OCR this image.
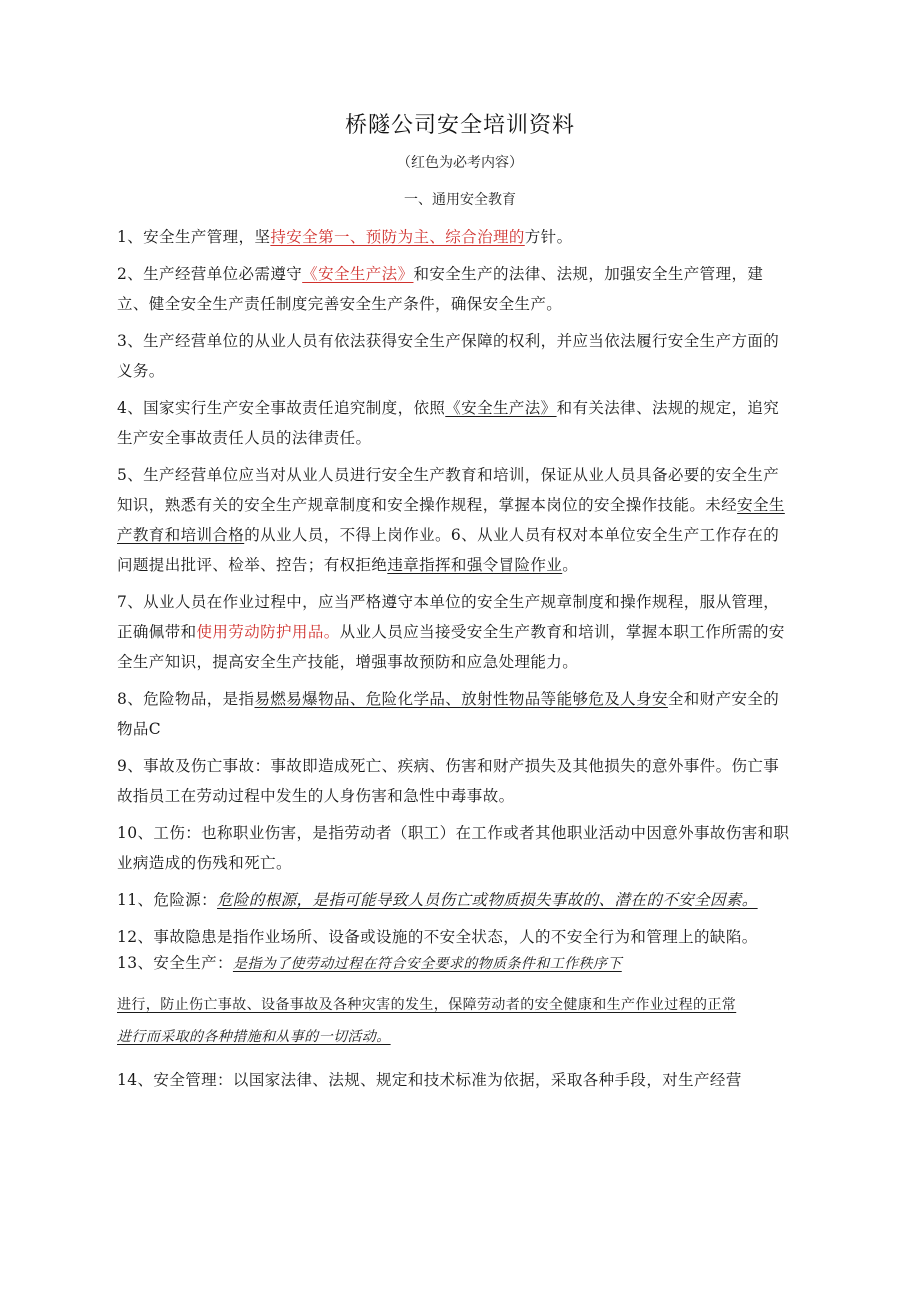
桥隧公司安全培训资料
（红色为必考内容）
一、通用安全教育

1、安全生产管理，坚持安全第一、预防为主、综合治理的方针。

2、生产经营单位必需遵守《安全生产法》和安全生产的法律、法规，加强安全生产管理，建立、健全安全生产责任制度完善安全生产条件，确保安全生产。

3、生产经营单位的从业人员有依法获得安全生产保障的权利，并应当依法履行安全生产方面的义务。

4、国家实行生产安全事故责任追究制度，依照《安全生产法》和有关法律、法规的规定，追究生产安全事故责任人员的法律责任。

5、生产经营单位应当对从业人员进行安全生产教育和培训，保证从业人员具备必要的安全生产知识，熟悉有关的安全生产规章制度和安全操作规程，掌握本岗位的安全操作技能。未经安全生产教育和培训合格的从业人员，不得上岗作业。6、从业人员有权对本单位安全生产工作存在的问题提出批评、检举、控告；有权拒绝违章指挥和强令冒险作业。

7、从业人员在作业过程中，应当严格遵守本单位的安全生产规章制度和操作规程，服从管理，正确佩带和使用劳动防护用品。从业人员应当接受安全生产教育和培训，掌握本职工作所需的安全生产知识，提高安全生产技能，增强事故预防和应急处理能力。

8、危险物品，是指易燃易爆物品、危险化学品、放射性物品等能够危及人身安全和财产安全的物品C

9、事故及伤亡事故：事故即造成死亡、疾病、伤害和财产损失及其他损失的意外事件。伤亡事故指员工在劳动过程中发生的人身伤害和急性中毒事故。

10、工伤：也称职业伤害，是指劳动者（职工）在工作或者其他职业活动中因意外事故伤害和职业病造成的伤残和死亡。

11、危险源：危险的根源，是指可能导致人员伤亡或物质损失事故的、潜在的不安全因素。

12、事故隐患是指作业场所、设备或设施的不安全状态，人的不安全行为和管理上的缺陷。

13、安全生产：是指为了使劳动过程在符合安全要求的物质条件和工作秩序下
进行，防止伤亡事故、设备事故及各种灾害的发生，保障劳动者的安全健康和生产作业过程的正常
进行而采取的各种措施和从事的一切活动。

14、安全管理：以国家法律、法规、规定和技术标准为依据，采取各种手段，对生产经营
